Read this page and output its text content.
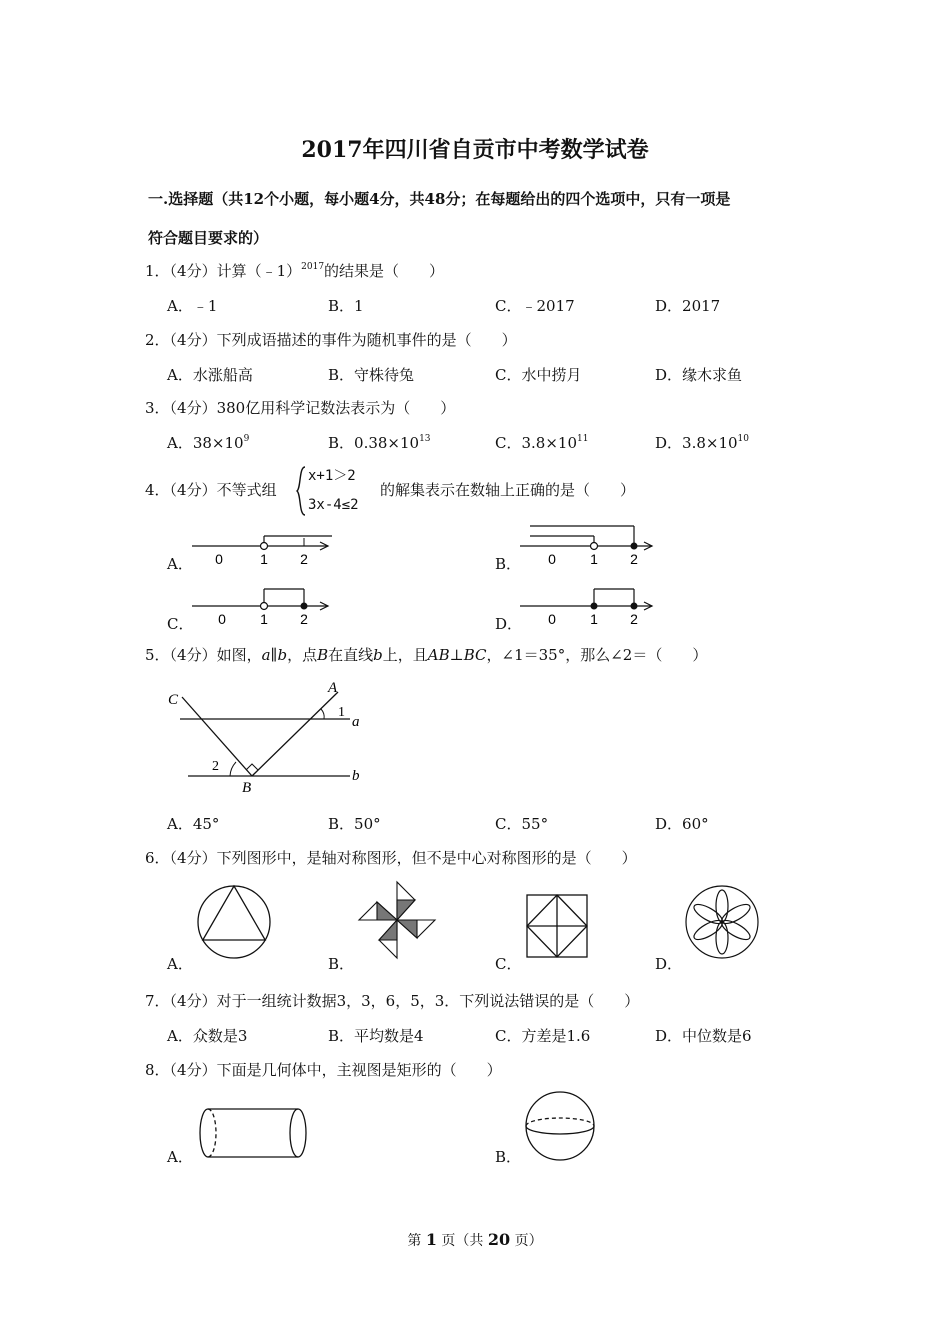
2017年四川省自贡市中考数学试卷
一.选择题（共12个小题，每小题4分，共48分；在每题给出的四个选项中，只有一项是
符合题目要求的）
1．（4分）计算（﹣1）$^{2017}$的结果是（　　）
A．﹣1	B．1	C．﹣2017	D．2017
2．（4分）下列成语描述的事件为随机事件的是（　　）
A．水涨船高	B．守株待兔	C．水中捞月	D．缘木求鱼
3．（4分）380亿用科学记数法表示为（　　）
A．$38\times 10^9$	B．$0.38\times 10^{13}$	C．$3.8\times 10^{11}$	D．$3.8\times 10^{10}$
4．（4分）不等式组
x+1＞2
3x-4≤2
的解集表示在数轴上正确的是（　　）
A． 0	1 2	B． 0 1 2
C． 0 1 2	D． 0 1 2
5．（4分）如图，a∥b，点B在直线b上，且AB⊥BC，∠1＝35°，那么∠2＝（　　）
C
A
1
a
2
B
b
A．45°	B．50°	C．55°	D．60°
6．（4分）下列图形中，是轴对称图形，但不是中心对称图形的是（　　）
A．	B．	C．	D．
7．（4分）对于一组统计数据3，3，6，5，3．下列说法错误的是（　　）
A．众数是3	B．平均数是4	C．方差是1.6	D．中位数是6
8．（4分）下面是几何体中，主视图是矩形的（　　）
A．	B．
第 1 页（共 20 页）
